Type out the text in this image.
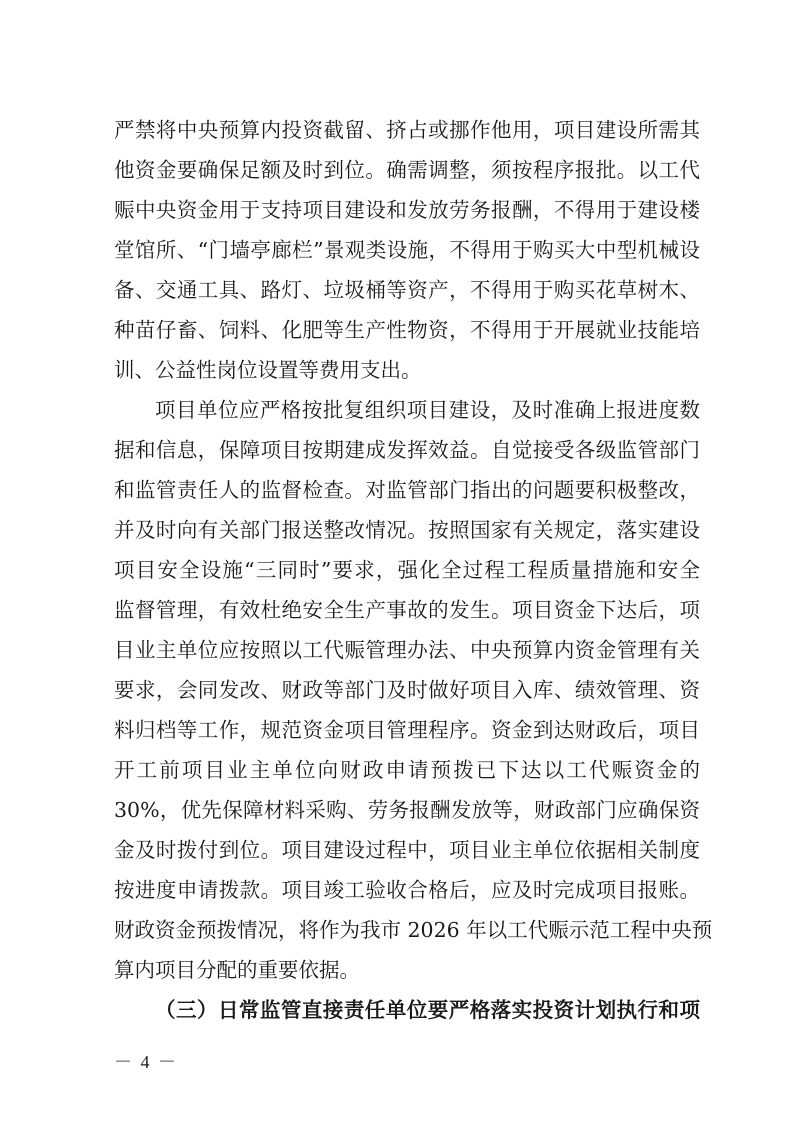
严禁将中央预算内投资截留、挤占或挪作他用，项目建设所需其
他资金要确保足额及时到位。确需调整，须按程序报批。以工代
赈中央资金用于支持项目建设和发放劳务报酬，不得用于建设楼
堂馆所、“门墙亭廊栏”景观类设施，不得用于购买大中型机械设
备、交通工具、路灯、垃圾桶等资产，不得用于购买花草树木、
种苗仔畜、饲料、化肥等生产性物资，不得用于开展就业技能培
训、公益性岗位设置等费用支出。
项目单位应严格按批复组织项目建设，及时准确上报进度数
据和信息，保障项目按期建成发挥效益。自觉接受各级监管部门
和监管责任人的监督检查。对监管部门指出的问题要积极整改，
并及时向有关部门报送整改情况。按照国家有关规定，落实建设
项目安全设施“三同时”要求，强化全过程工程质量措施和安全
监督管理，有效杜绝安全生产事故的发生。项目资金下达后，项
目业主单位应按照以工代赈管理办法、中央预算内资金管理有关
要求，会同发改、财政等部门及时做好项目入库、绩效管理、资
料归档等工作，规范资金项目管理程序。资金到达财政后，项目
开工前项目业主单位向财政申请预拨已下达以工代赈资金的
30%，优先保障材料采购、劳务报酬发放等，财政部门应确保资
金及时拨付到位。项目建设过程中，项目业主单位依据相关制度
按进度申请拨款。项目竣工验收合格后，应及时完成项目报账。
财政资金预拨情况，将作为我市 2026 年以工代赈示范工程中央预
算内项目分配的重要依据。
（三）日常监管直接责任单位要严格落实投资计划执行和项
－ 4 －
